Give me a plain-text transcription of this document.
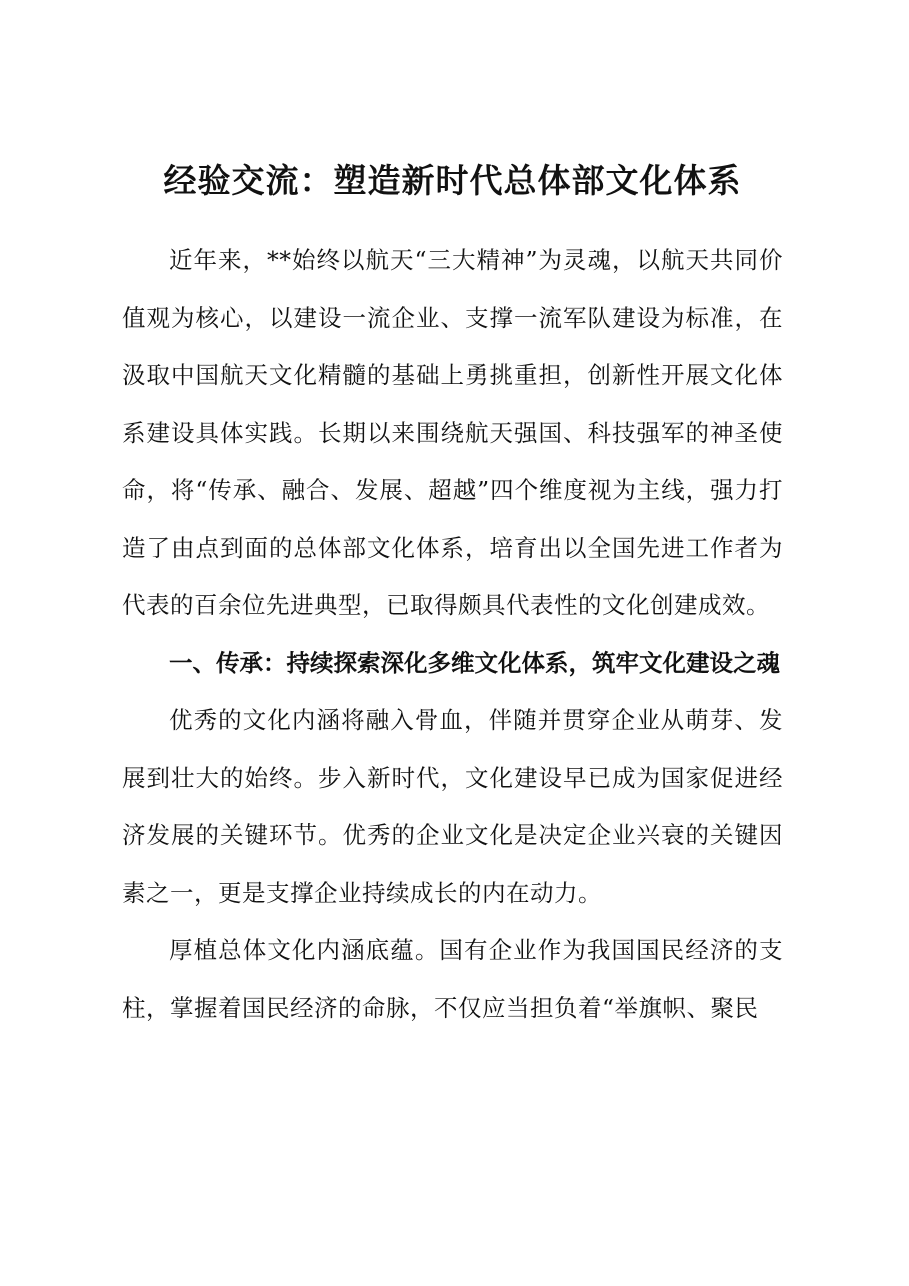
经验交流：塑造新时代总体部文化体系

近年来，**始终以航天“三大精神”为灵魂，以航天共同价值观为核心，以建设一流企业、支撑一流军队建设为标准，在汲取中国航天文化精髓的基础上勇挑重担，创新性开展文化体系建设具体实践。长期以来围绕航天强国、科技强军的神圣使命，将“传承、融合、发展、超越”四个维度视为主线，强力打造了由点到面的总体部文化体系，培育出以全国先进工作者为代表的百余位先进典型，已取得颇具代表性的文化创建成效。

一、传承：持续探索深化多维文化体系，筑牢文化建设之魂

优秀的文化内涵将融入骨血，伴随并贯穿企业从萌芽、发展到壮大的始终。步入新时代，文化建设早已成为国家促进经济发展的关键环节。优秀的企业文化是决定企业兴衰的关键因素之一，更是支撑企业持续成长的内在动力。

厚植总体文化内涵底蕴。国有企业作为我国国民经济的支柱，掌握着国民经济的命脉，不仅应当担负着“举旗帜、聚民
